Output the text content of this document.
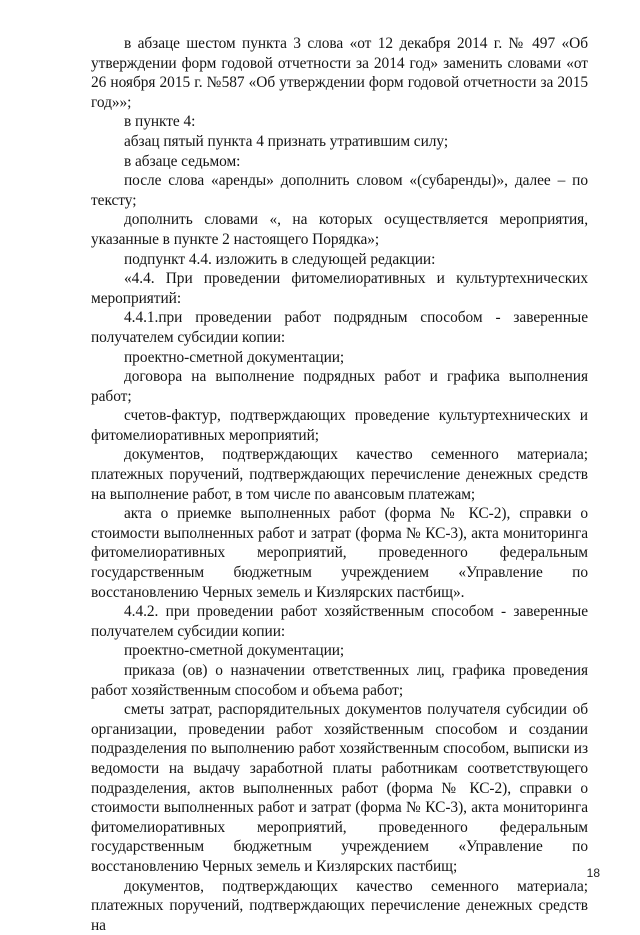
в абзаце шестом пункта 3 слова «от 12 декабря 2014 г. № 497 «Об утверждении форм годовой отчетности за 2014 год» заменить словами «от 26 ноября 2015 г. №587 «Об утверждении форм годовой отчетности за 2015 год»»;

в пункте 4:

абзац пятый пункта 4 признать утратившим силу;

в абзаце седьмом:

после слова «аренды» дополнить словом «(субаренды)», далее – по тексту;

дополнить словами «, на которых осуществляется мероприятия, указанные в пункте 2 настоящего Порядка»;

подпункт 4.4. изложить в следующей редакции:

«4.4. При проведении фитомелиоративных и культуртехнических мероприятий:

4.4.1.при проведении работ подрядным способом - заверенные получателем субсидии копии:

проектно-сметной документации;

договора на выполнение подрядных работ и графика выполнения работ;

счетов-фактур, подтверждающих проведение культуртехнических и фитомелиоративных мероприятий;

документов, подтверждающих качество семенного материала; платежных поручений, подтверждающих перечисление денежных средств на выполнение работ, в том числе по авансовым платежам;

акта о приемке выполненных работ (форма № КС-2), справки о стоимости выполненных работ и затрат (форма № КС-3), акта мониторинга фитомелиоративных мероприятий, проведенного федеральным государственным бюджетным учреждением «Управление по восстановлению Черных земель и Кизлярских пастбищ».

4.4.2. при проведении работ хозяйственным способом - заверенные получателем субсидии копии:

проектно-сметной документации;

приказа (ов) о назначении ответственных лиц, графика проведения работ хозяйственным способом и объема работ;

сметы затрат, распорядительных документов получателя субсидии об организации, проведении работ хозяйственным способом и создании подразделения по выполнению работ хозяйственным способом, выписки из ведомости на выдачу заработной платы работникам соответствующего подразделения, актов выполненных работ (форма № КС-2), справки о стоимости выполненных работ и затрат (форма № КС-3), акта мониторинга фитомелиоративных мероприятий, проведенного федеральным государственным бюджетным учреждением «Управление по восстановлению Черных земель и Кизлярских пастбищ;

документов, подтверждающих качество семенного материала; платежных поручений, подтверждающих перечисление денежных средств на

18
